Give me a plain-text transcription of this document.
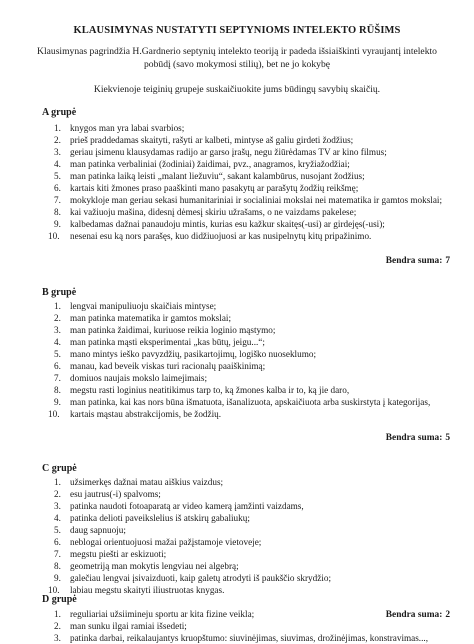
KLAUSIMYNAS NUSTATYTI SEPTYNIOMS INTELEKTO RŪŠIMS
Klausimynas pagrindžia H.Gardnerio septynių intelekto teoriją ir padeda išsiaiškinti vyraujantį intelekto pobūdį (savo mokymosi stilių), bet ne jo kokybę
Kiekvienoje teiginių grupeje suskaičiuokite jums būdingų savybių skaičių.
A grupė
1. knygos man yra labai svarbios;
2. prieš praddedamas skaityti, rašyti ar kalbeti, mintyse aš galiu girdeti žodžius;
3. geriau įsimenu klausydamas radijo ar garso įrašų, negu žiūrėdamas TV ar kino filmus;
4. man patinka verbaliniai (žodiniai) žaidimai, pvz., anagramos, kryžiažodžiai;
5. man patinka laiką leisti „malant liežuviu“, sakant kalambūrus, nusojant žodžius;
6. kartais kiti žmones praso paaškinti mano pasakytų ar parašytų žodžių reikšmę;
7. mokykloje man geriau sekasi humanitariniai ir socialiniai mokslai nei matematika ir gamtos mokslai;
8. kai važiuoju mašina, didesnį dėmesį skiriu užrašams, o ne vaizdams pakelese;
9. kalbedamas dažnai panaudoju mintis, kurias esu kažkur skaitęs(-usi) ar girdejęs(-usi);
10.	nesenai esu ką nors parašęs, kuo didžiuojuosi ar kas nusipelnytų kitų pripažinimo.
Bendra suma: 7
B grupė
1. lengvai manipuliuoju skaičiais mintyse;
2. man patinka matematika ir gamtos mokslai;
3. man patinka žaidimai, kuriuose reikia loginio mąstymo;
4. man patinka mąsti eksperimentai „kas būtų, jeigu...“;
5. mano mintys ieško pavyzdžių, pasikartojimų, logiško nuoseklumo;
6. manau, kad beveik viskas turi racionalų paaiškinimą;
7. domiuos naujais mokslo laimejimais;
8. megstu rasti loginius neatitikimus tarp to, ką žmones kalba ir to, ką jie daro,
9. man patinka, kai kas nors būna išmatuota, išanalizuota, apskaičiuota arba suskirstyta į kategorijas,
10.	kartais mąstau abstrakcijomis, be žodžių.
Bendra suma: 5
C grupė
1. užsimerkęs dažnai matau aiškius vaizdus;
2. esu jautrus(-i) spalvoms;
3. patinka naudoti fotoaparatą ar video kamerą įamžinti vaizdams,
4. patinka delioti paveikslelius iš atskirų gabaliukų;
5. daug sapnuoju;
6. neblogai orientuojuosi mažai pažįstamoje vietoveje;
7. megstu piešti ar eskizuoti;
8. geometriją man mokytis lengviau nei algebrą;
9. galečiau lengvai įsivaizduoti, kaip galetų atrodyti iš paukščio skrydžio;
10.	labiau megstu skaityti iliustruotas knygas.
Bendra suma: 2
D grupė
1. reguliariai užsiimineju sportu ar kita fizine veikla;
2. man sunku ilgai ramiai išsedeti;
3. patinka darbai, reikalaujantys kruopštumo: siuvinėjimas, siuvimas, drožinėjimas, konstravimas...,
